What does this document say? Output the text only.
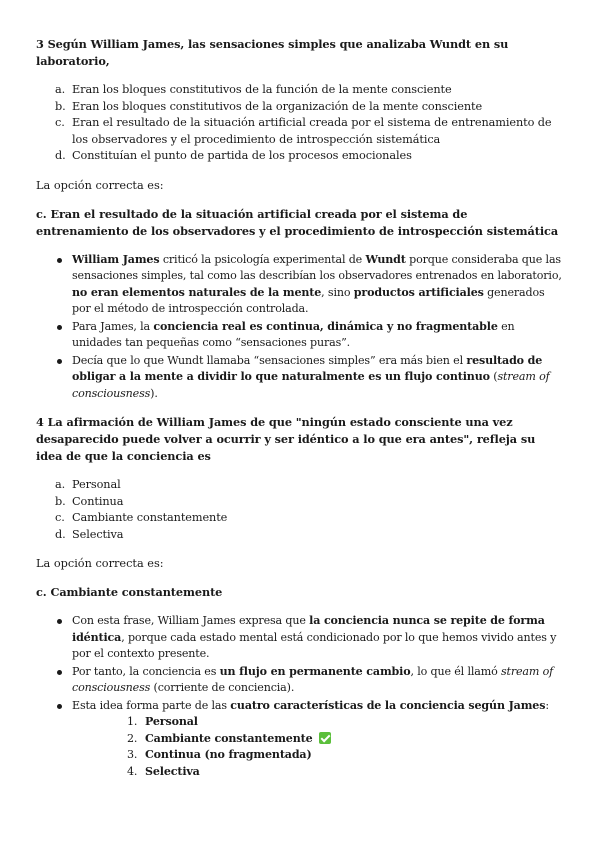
3 Según William James, las sensaciones simples que analizaba Wundt en su laboratorio,

a. Eran los bloques constitutivos de la función de la mente consciente
b. Eran los bloques constitutivos de la organización de la mente consciente
c. Eran el resultado de la situación artificial creada por el sistema de entrenamiento de los observadores y el procedimiento de introspección sistemática
d. Constituían el punto de partida de los procesos emocionales

La opción correcta es:

c. Eran el resultado de la situación artificial creada por el sistema de entrenamiento de los observadores y el procedimiento de introspección sistemática

William James criticó la psicología experimental de Wundt porque consideraba que las sensaciones simples, tal como las describían los observadores entrenados en laboratorio, no eran elementos naturales de la mente, sino productos artificiales generados por el método de introspección controlada.
Para James, la conciencia real es continua, dinámica y no fragmentable en unidades tan pequeñas como “sensaciones puras”.
Decía que lo que Wundt llamaba “sensaciones simples” era más bien el resultado de obligar a la mente a dividir lo que naturalmente es un flujo continuo (stream of consciousness).

4 La afirmación de William James de que "ningún estado consciente una vez desaparecido puede volver a ocurrir y ser idéntico a lo que era antes", refleja su idea de que la conciencia es

a. Personal
b. Continua
c. Cambiante constantemente
d. Selectiva

La opción correcta es:

c. Cambiante constantemente

Con esta frase, William James expresa que la conciencia nunca se repite de forma idéntica, porque cada estado mental está condicionado por lo que hemos vivido antes y por el contexto presente.
Por tanto, la conciencia es un flujo en permanente cambio, lo que él llamó stream of consciousness (corriente de conciencia).
Esta idea forma parte de las cuatro características de la conciencia según James:
1. Personal
2. Cambiante constantemente
3. Continua (no fragmentada)
4. Selectiva
